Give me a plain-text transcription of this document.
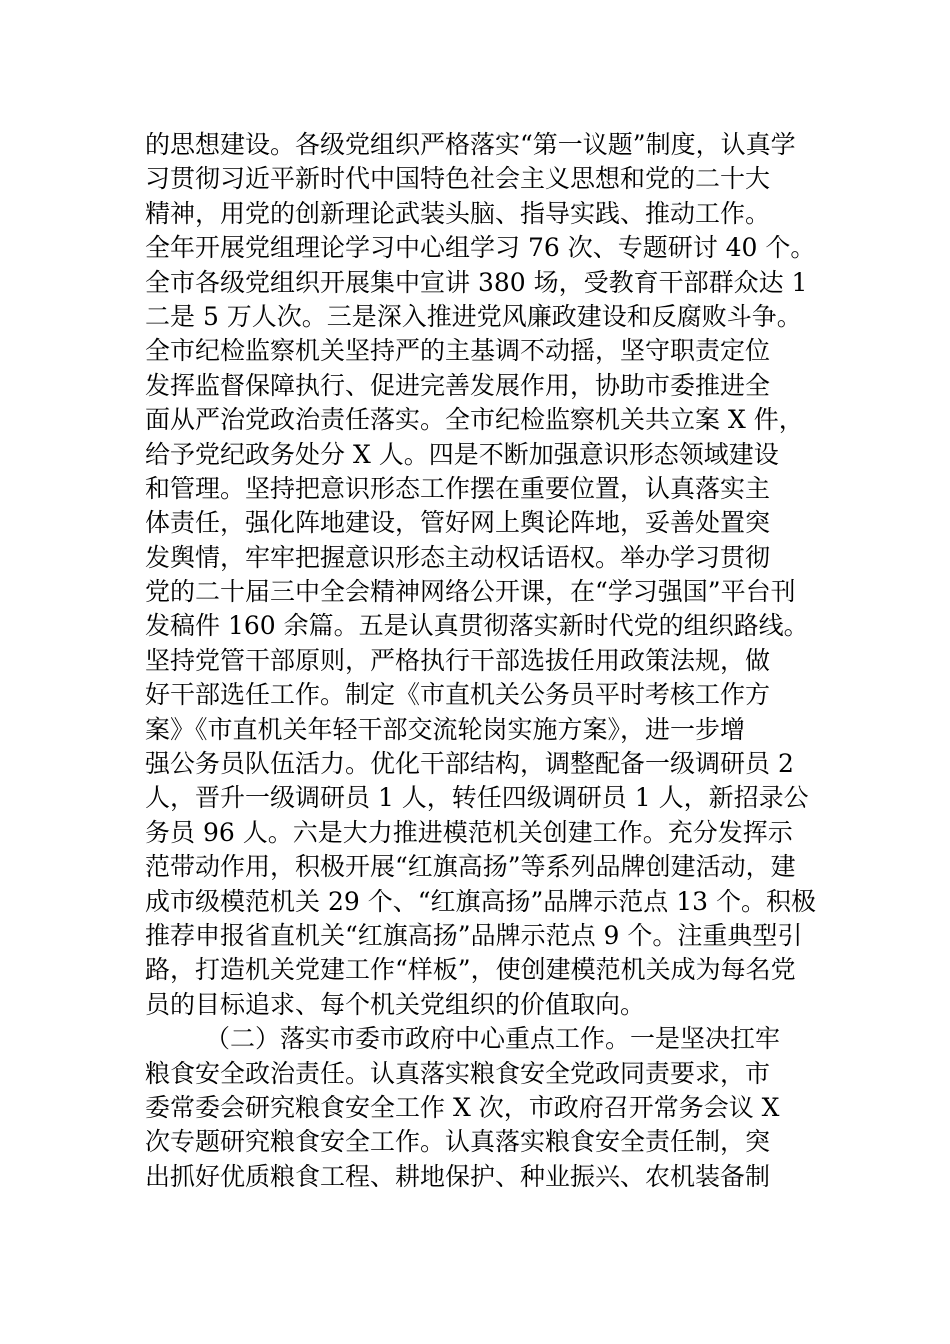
的思想建设。各级党组织严格落实“第一议题”制度，认真学
习贯彻习近平新时代中国特色社会主义思想和党的二十大
精神，用党的创新理论武装头脑、指导实践、推动工作。
全年开展党组理论学习中心组学习 76 次、专题研讨 40 个。
全市各级党组织开展集中宣讲 380 场，受教育干部群众达 1
二是 5 万人次。三是深入推进党风廉政建设和反腐败斗争。
全市纪检监察机关坚持严的主基调不动摇，坚守职责定位
发挥监督保障执行、促进完善发展作用，协助市委推进全
面从严治党政治责任落实。全市纪检监察机关共立案 X 件，
给予党纪政务处分 X 人。四是不断加强意识形态领域建设
和管理。坚持把意识形态工作摆在重要位置，认真落实主
体责任，强化阵地建设，管好网上舆论阵地，妥善处置突
发舆情，牢牢把握意识形态主动权话语权。举办学习贯彻
党的二十届三中全会精神网络公开课，在“学习强国”平台刊
发稿件 160 余篇。五是认真贯彻落实新时代党的组织路线。
坚持党管干部原则，严格执行干部选拔任用政策法规，做
好干部选任工作。制定《市直机关公务员平时考核工作方
案》《市直机关年轻干部交流轮岗实施方案》，进一步增
强公务员队伍活力。优化干部结构，调整配备一级调研员 2
人，晋升一级调研员 1 人，转任四级调研员 1 人，新招录公
务员 96 人。六是大力推进模范机关创建工作。充分发挥示
范带动作用，积极开展“红旗高扬”等系列品牌创建活动，建
成市级模范机关 29 个、“红旗高扬”品牌示范点 13 个。积极
推荐申报省直机关“红旗高扬”品牌示范点 9 个。注重典型引
路，打造机关党建工作“样板”，使创建模范机关成为每名党
员的目标追求、每个机关党组织的价值取向。
（二）落实市委市政府中心重点工作。一是坚决扛牢
粮食安全政治责任。认真落实粮食安全党政同责要求，市
委常委会研究粮食安全工作 X 次，市政府召开常务会议 X
次专题研究粮食安全工作。认真落实粮食安全责任制，突
出抓好优质粮食工程、耕地保护、种业振兴、农机装备制
